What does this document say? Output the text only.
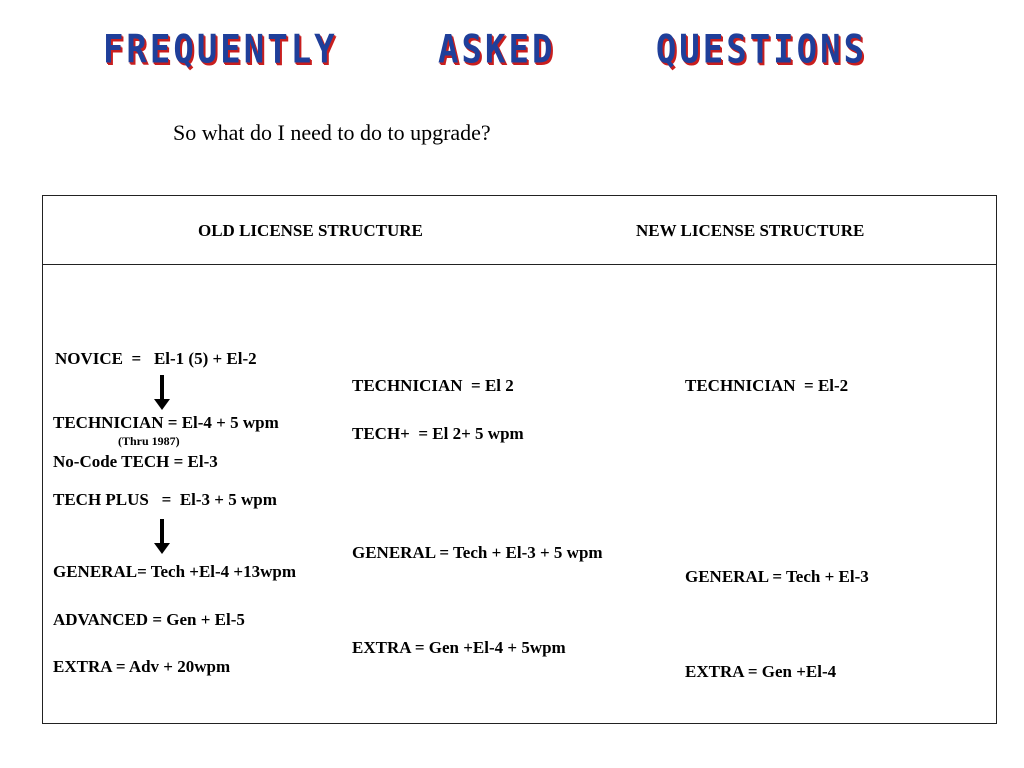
FREQUENTLY   ASKED   QUESTIONS
So what do I need to do to upgrade?
OLD LICENSE STRUCTURE	NEW LICENSE STRUCTURE
NOVICE  =   El-1 (5) + El-2
TECHNICIAN = El-4 + 5 wpm
(Thru 1987)
No-Code TECH = El-3
TECH PLUS   =  El-3 + 5 wpm
GENERAL= Tech +El-4 +13wpm
ADVANCED = Gen + El-5
EXTRA = Adv + 20wpm
TECHNICIAN  = El 2
TECH+  = El 2+ 5 wpm
GENERAL = Tech + El-3 + 5 wpm
EXTRA = Gen +El-4 + 5wpm
TECHNICIAN  = El-2
GENERAL = Tech + El-3
EXTRA = Gen +El-4
